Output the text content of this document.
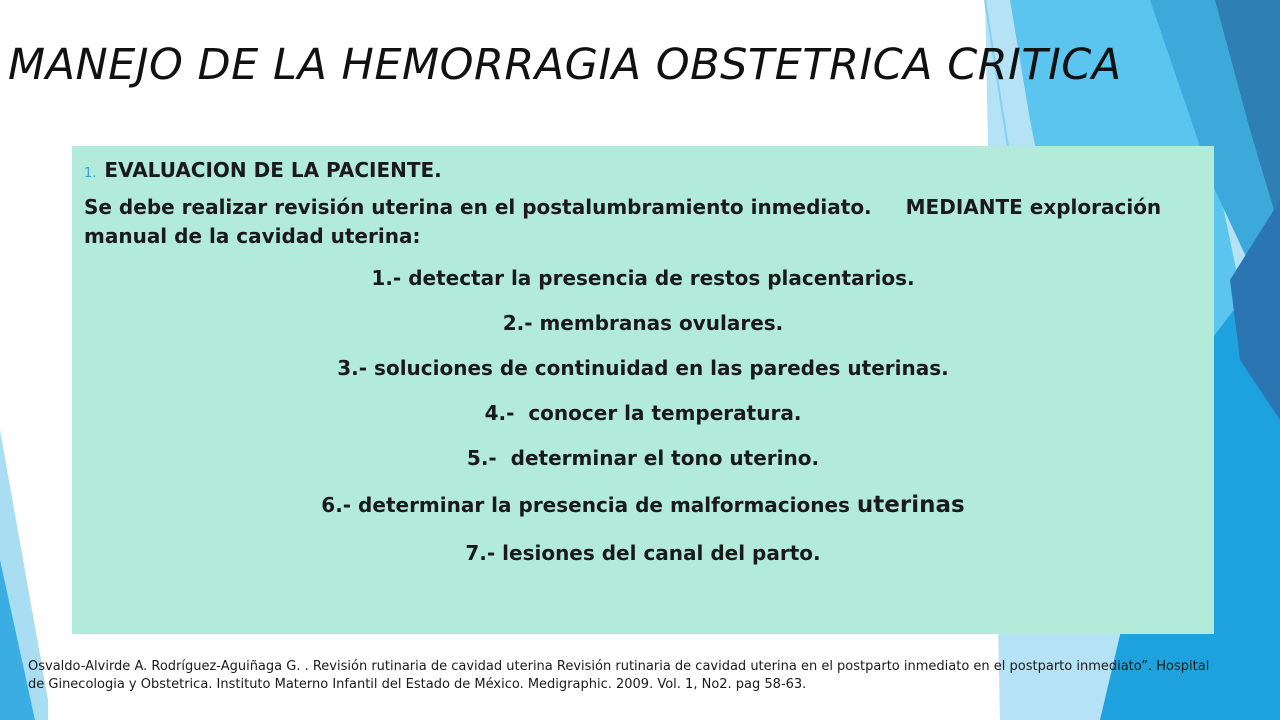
MANEJO DE LA HEMORRAGIA OBSTETRICA CRITICA
1. EVALUACION DE LA PACIENTE.
Se debe realizar revisión uterina en el postalumbramiento inmediato. MEDIANTE exploración manual de la cavidad uterina:
1.- detectar la presencia de restos placentarios.
2.- membranas ovulares.
3.- soluciones de continuidad en las paredes uterinas.
4.-  conocer la temperatura.
5.-  determinar el tono uterino.
6.- determinar la presencia de malformaciones uterinas
7.- lesiones del canal del parto.
Osvaldo-Alvirde A. Rodríguez-Aguiñaga G. . Revisión rutinaria de cavidad uterina Revisión rutinaria de cavidad uterina en el postparto inmediato en el postparto inmediato”. Hospital de Ginecologia y Obstetrica. Instituto Materno Infantil del Estado de México. Medigraphic. 2009. Vol. 1, No2. pag 58-63.
